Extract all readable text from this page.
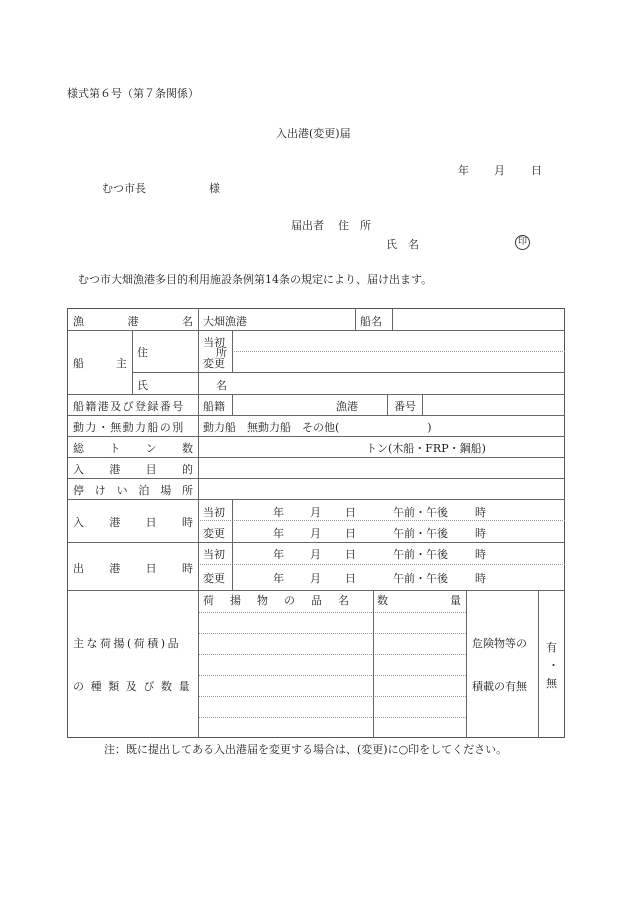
様式第６号（第７条関係）
入出港(変更)届
年 月 日
むつ市長	様
届出者 住　所
氏　名	印
むつ市大畑漁港多目的利用施設条例第14条の規定により、届け出ます。
漁	港	名 大畑漁港	船名
船	主
住	所
当初
変更
氏	名
船籍港及び登録番号 船籍	漁港	番号
動力・無動力船の別 動力船　無動力船　その他(　　　　　　　　)
総 ト ン 数	トン(木船・FRP・鋼船)
入 港 目 的
停 け い 泊 場 所
入 港 日 時
当初	年 月 日	午前・午後 時
変更	年 月 日	午前・午後 時
出 港 日 時
当初	年 月 日	午前・午後 時
変更	年 月 日	午前・午後 時
主な荷揚(荷積)品
の種類及び数量
荷揚物の品名 数	量
危険物等の
積載の有無
有
・
無
注：既に提出してある入出港届を変更する場合は、(変更)に○印をしてください。
